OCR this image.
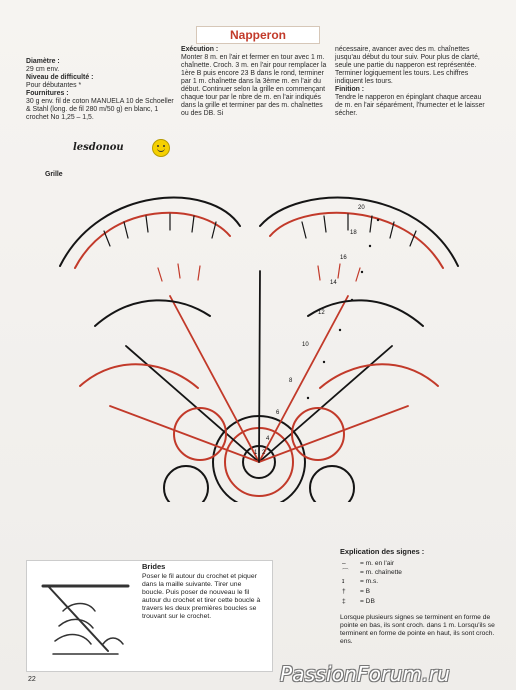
Napperon
Diamètre :
29 cm env.

Niveau de difficulté :
Pour débutantes *

Fournitures :
30 g env. fil de coton MANUELA 10 de Schoeller & Stahl (long. de fil 280 m/50 g) en blanc, 1 crochet No 1,25 – 1,5.
Exécution :
Monter 8 m. en l'air et fermer en tour avec 1 m. chaînette. Croch. 3 m. en l'air pour remplacer la 1ère B puis encore 23 B dans le rond, terminer par 1 m. chaînette dans la 3ème m. en l'air du début. Continuer selon la grille en commençant chaque tour par le nbre de m. en l'air indiqués dans la grille et terminer par des m. chaînettes ou des DB. Si
nécessaire, avancer avec des m. chaînettes jusqu'au début du tour suiv. Pour plus de clarté, seule une partie du napperon est représentée. Terminer logiquement les tours. Les chiffres indiquent les tours.

Finition :
Tendre le napperon en épinglant chaque arceau de m. en l'air séparément, l'humecter et le laisser sécher.
lesdonou
Grille
20
18
16
14
12
10
8
6
4
2
1
Brides
Poser le fil autour du crochet et piquer dans la maille suivante. Tirer une boucle. Puis poser de nouveau le fil autour du crochet et tirer cette boucle à travers les deux premières boucles se trouvant sur le crochet.
Explication des signes :
– = m. en l'air
⌒ = m. chaînette
ɪ = m.s.
† = B
‡ = DB
Lorsque plusieurs signes se terminent en forme de pointe en bas, ils sont croch. dans 1 m. Lorsqu'ils se terminent en forme de pointe en haut, ils sont croch. ens.
22	PassionForum.ru
